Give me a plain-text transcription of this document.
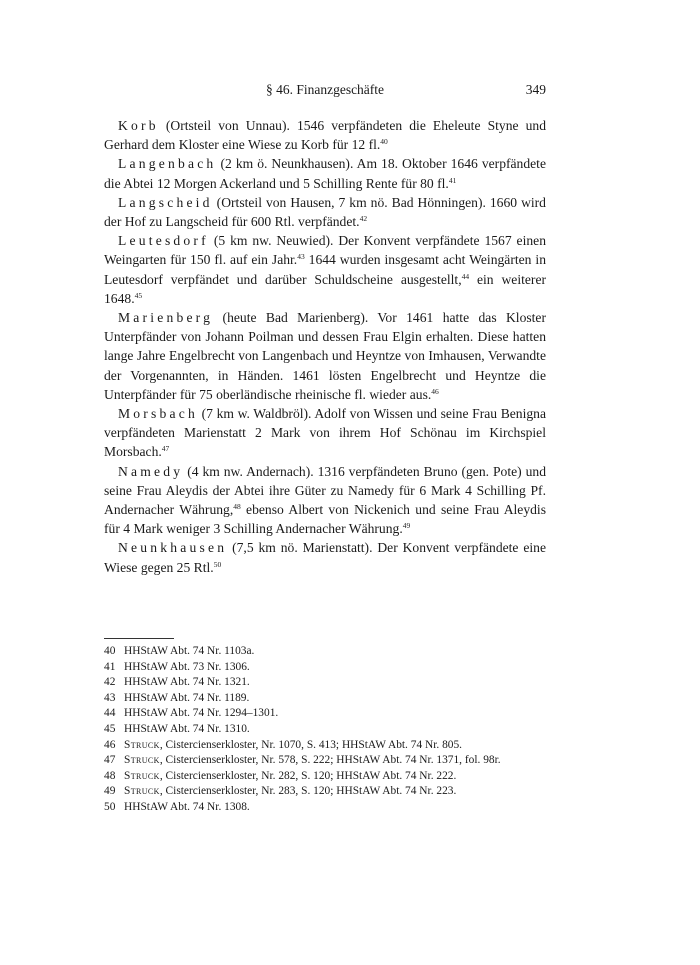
§ 46. Finanzgeschäfte	349

Korb (Ortsteil von Unnau). 1546 verpfändeten die Eheleute Styne und Gerhard dem Kloster eine Wiese zu Korb für 12 fl.$^{40}$

Langenbach (2 km ö. Neunkhausen). Am 18. Oktober 1646 verpfändete die Abtei 12 Morgen Ackerland und 5 Schilling Rente für 80 fl.$^{41}$

Langscheid (Ortsteil von Hausen, 7 km nö. Bad Hönningen). 1660 wird der Hof zu Langscheid für 600 Rtl. verpfändet.$^{42}$

Leutesdorf (5 km nw. Neuwied). Der Konvent verpfändete 1567 einen Weingarten für 150 fl. auf ein Jahr.$^{43}$ 1644 wurden insgesamt acht Weingärten in Leutesdorf verpfändet und darüber Schuldscheine ausgestellt,$^{44}$ ein weiterer 1648.45

Marienberg (heute Bad Marienberg). Vor 1461 hatte das Kloster Unterpfänder von Johann Poilman und dessen Frau Elgin erhalten. Diese hatten lange Jahre Engelbrecht von Langenbach und Heyntze von Imhausen, Verwandte der Vorgenannten, in Händen. 1461 lösten Engelbrecht und Heyntze die Unterpfänder für 75 oberländische rheinische fl. wieder aus.$^{46}$

Morsbach (7 km w. Waldbröl). Adolf von Wissen und seine Frau Benigna verpfändeten Marienstatt 2 Mark von ihrem Hof Schönau im Kirchspiel Morsbach.$^{47}$

Namedy (4 km nw. Andernach). 1316 verpfändeten Bruno (gen. Pote) und seine Frau Aleydis der Abtei ihre Güter zu Namedy für 6 Mark 4 Schilling Pf. Andernacher Währung,$^{48}$ ebenso Albert von Nickenich und seine Frau Aleydis für 4 Mark weniger 3 Schilling Andernacher Währung.$^{49}$

Neunkhausen (7,5 km nö. Marienstatt). Der Konvent verpfändete eine Wiese gegen 25 Rtl.$^{50}$

40 HHStAW Abt. 74 Nr. 1103a.
41 HHStAW Abt. 73 Nr. 1306.
42 HHStAW Abt. 74 Nr. 1321.
43 HHStAW Abt. 74 Nr. 1189.
44 HHStAW Abt. 74 Nr. 1294–1301.
45 HHStAW Abt. 74 Nr. 1310.
46 Struck, Cistercienserkloster, Nr. 1070, S. 413; HHStAW Abt. 74 Nr. 805.
47 Struck, Cistercienserkloster, Nr. 578, S. 222; HHStAW Abt. 74 Nr. 1371, fol. 98r.
48 Struck, Cistercienserkloster, Nr. 282, S. 120; HHStAW Abt. 74 Nr. 222.
49 Struck, Cistercienserkloster, Nr. 283, S. 120; HHStAW Abt. 74 Nr. 223.
50 HHStAW Abt. 74 Nr. 1308.
